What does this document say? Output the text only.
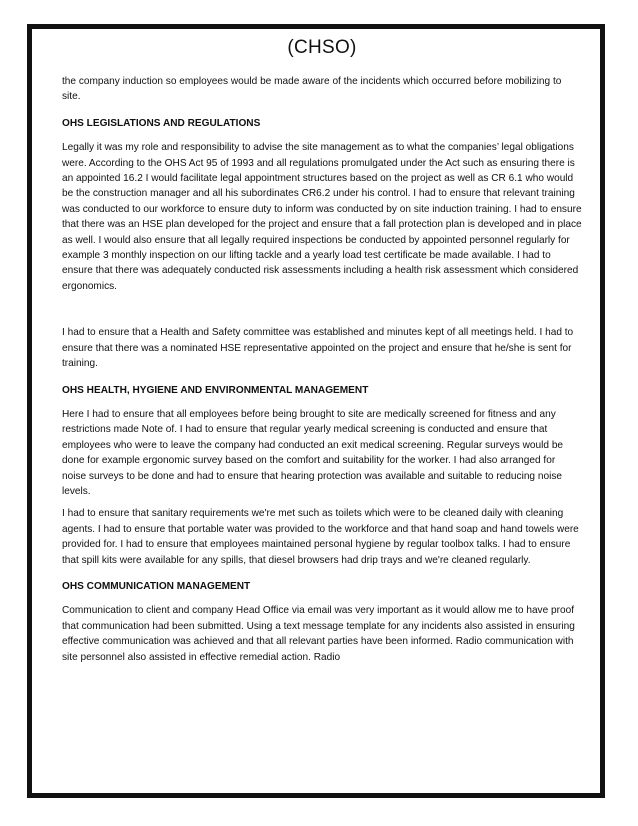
(CHSO)

the company induction so employees would be made aware of the incidents which occurred before mobilizing to site.

OHS LEGISLATIONS AND REGULATIONS

Legally it was my role and responsibility to advise the site management as to what the companies’ legal obligations were. According to the OHS Act 95 of 1993 and all regulations promulgated under the Act such as ensuring there is an appointed 16.2 I would facilitate legal appointment structures based on the project as well as CR 6.1 who would be the construction manager and all his subordinates CR6.2 under his control. I had to ensure that relevant training was conducted to our workforce to ensure duty to inform was conducted by on site induction training. I had to ensure that there was an HSE plan developed for the project and ensure that a fall protection plan is developed and in place as well. I would also ensure that all legally required inspections be conducted by appointed personnel regularly for example 3 monthly inspection on our lifting tackle and a yearly load test certificate be made available. I had to ensure that there was adequately conducted risk assessments including a health risk assessment which considered ergonomics.

I had to ensure that a Health and Safety committee was established and minutes kept of all meetings held. I had to ensure that there was a nominated HSE representative appointed on the project and ensure that he/she is sent for training.

OHS HEALTH, HYGIENE AND ENVIRONMENTAL MANAGEMENT

Here I had to ensure that all employees before being brought to site are medically screened for fitness and any restrictions made Note of. I had to ensure that regular yearly medical screening is conducted and ensure that employees who were to leave the company had conducted an exit medical screening. Regular surveys would be done for example ergonomic survey based on the comfort and suitability for the worker. I had also arranged for noise surveys to be done and had to ensure that hearing protection was available and suitable to reducing noise levels.

I had to ensure that sanitary requirements we're met such as toilets which were to be cleaned daily with cleaning agents. I had to ensure that portable water was provided to the workforce and that hand soap and hand towels were provided for. I had to ensure that employees maintained personal hygiene by regular toolbox talks. I had to ensure that spill kits were available for any spills, that diesel browsers had drip trays and we're cleaned regularly.

OHS COMMUNICATION MANAGEMENT

Communication to client and company Head Office via email was very important as it would allow me to have proof that communication had been submitted. Using a text message template for any incidents also assisted in ensuring effective communication was achieved and that all relevant parties have been informed. Radio communication with site personnel also assisted in effective remedial action. Radio
